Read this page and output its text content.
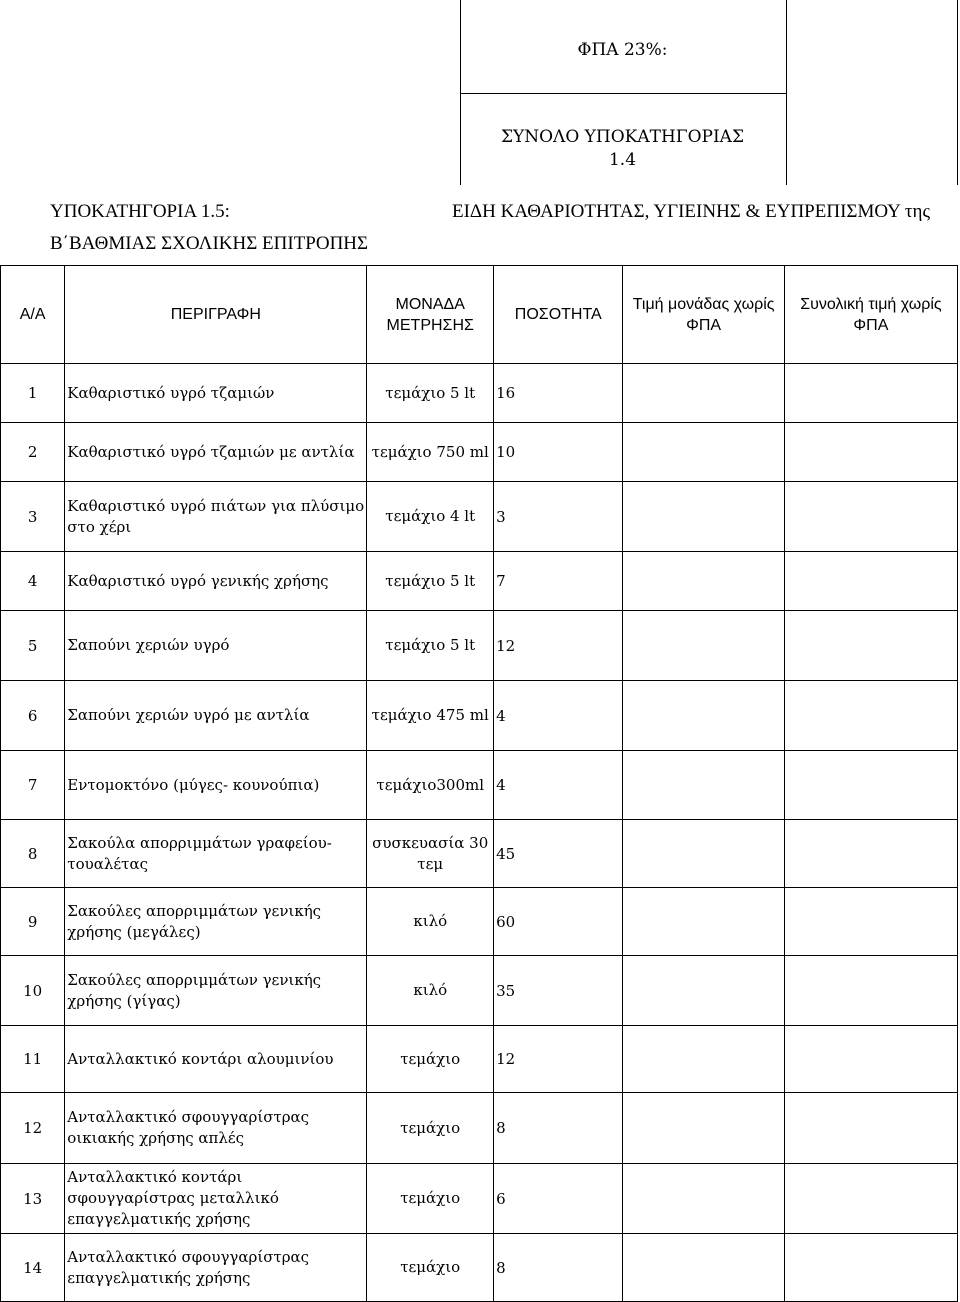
ΦΠΑ 23%:
ΣΥΝΟΛΟ ΥΠΟΚΑΤΗΓΟΡΙΑΣ
1.4
ΥΠΟΚΑΤΗΓΟΡΙΑ 1.5:	ΕΙΔΗ ΚΑΘΑΡΙΟΤΗΤΑΣ, ΥΓΙΕΙΝΗΣ & ΕΥΠΡΕΠΙΣΜΟΥ της
Β΄ΒΑΘΜΙΑΣ ΣΧΟΛΙΚΗΣ ΕΠΙΤΡΟΠΗΣ
Α/Α	ΠΕΡΙΓΡΑΦΗ	ΜΟΝΑΔΑ ΜΕΤΡΗΣΗΣ	ΠΟΣΟΤΗΤΑ	Τιμή μονάδας χωρίς ΦΠΑ	Συνολική τιμή χωρίς ΦΠΑ
1	Καθαριστικό υγρό τζαμιών	τεμάχιο 5 lt	16		
2	Καθαριστικό υγρό τζαμιών με αντλία	τεμάχιο 750 ml	10		
3	Καθαριστικό υγρό πιάτων για πλύσιμο στο χέρι	τεμάχιο 4 lt	3		
4	Καθαριστικό υγρό γενικής χρήσης	τεμάχιο 5 lt	7		
5	Σαπούνι χεριών υγρό	τεμάχιο 5 lt	12		
6	Σαπούνι χεριών υγρό με αντλία	τεμάχιο 475 ml	4		
7	Εντομοκτόνο (μύγες- κουνούπια)	τεμάχιο300ml	4		
8	Σακούλα απορριμμάτων γραφείου- τουαλέτας	συσκευασία 30 τεμ	45		
9	Σακούλες απορριμμάτων γενικής χρήσης (μεγάλες)	κιλό	60		
10	Σακούλες απορριμμάτων γενικής χρήσης (γίγας)	κιλό	35		
11	Ανταλλακτικό κοντάρι αλουμινίου	τεμάχιο	12		
12	Ανταλλακτικό σφουγγαρίστρας οικιακής χρήσης απλές	τεμάχιο	8		
13	Ανταλλακτικό κοντάρι σφουγγαρίστρας μεταλλικό επαγγελματικής χρήσης	τεμάχιο	6		
14	Ανταλλακτικό σφουγγαρίστρας επαγγελματικής χρήσης	τεμάχιο	8		
